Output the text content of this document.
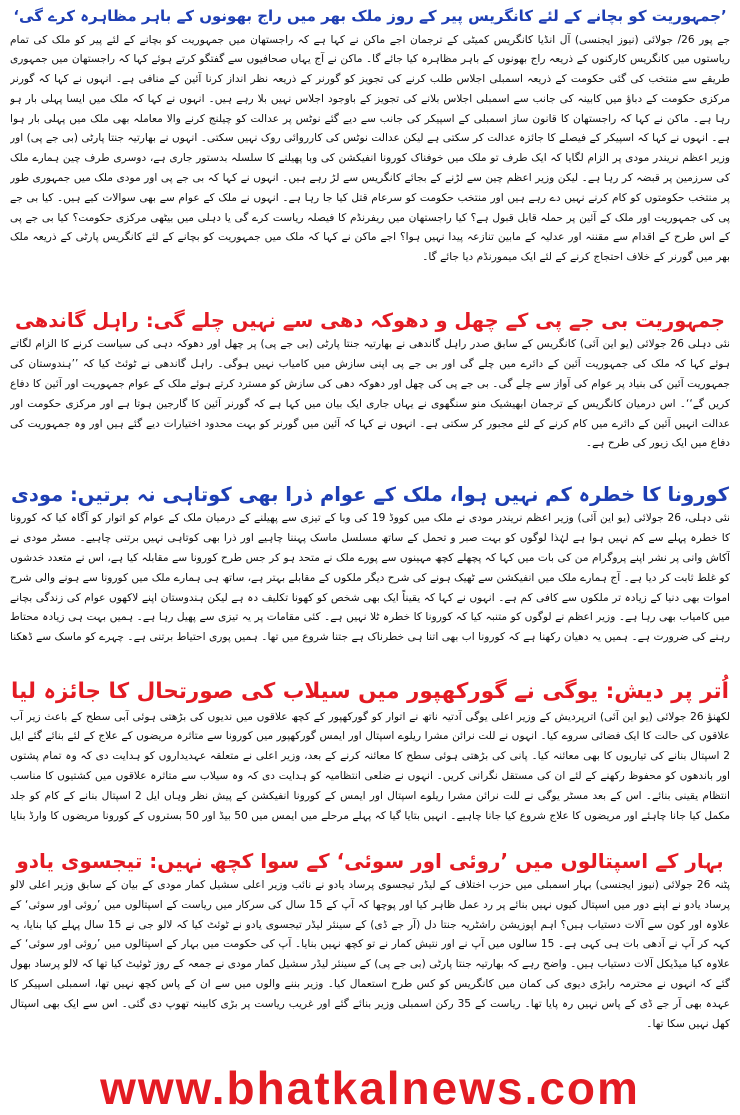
’جمہوریت کو بچانے کے لئے کانگریس پیر کے روز ملک بھر میں راج بھونوں کے باہر مظاہرہ کرے گی‘

جے پور 26/ جولائی (نیوز ایجنسی) آل انڈیا کانگریس کمیٹی کے ترجمان اجے ماکن نے کہا ہے کہ راجستھان میں جمہوریت کو بچانے کے لئے پیر کو ملک کی تمام ریاستوں میں کانگریس کارکنوں کے ذریعہ راج بھونوں کے باہر مظاہرہ کیا جائے گا۔ ماکن نے آج یہاں صحافیوں سے گفتگو کرتے ہوئے کہا کہ راجستھان میں جمہوری طریقے سے منتخب کی گئی حکومت کے ذریعہ اسمبلی اجلاس طلب کرنے کی تجویز کو گورنر کے ذریعہ نظر انداز کرنا آئین کے منافی ہے۔ انہوں نے کہا کہ گورنر مرکزی حکومت کے دباؤ میں کابینہ کی جانب سے اسمبلی اجلاس بلانے کی تجویز کے باوجود اجلاس نہیں بلا رہے ہیں۔ انہوں نے کہا کہ ملک میں ایسا پہلی بار ہو رہا ہے۔ ماکن نے کہا کہ راجستھان کا قانون ساز اسمبلی کے اسپیکر کی جانب سے دیے گئے نوٹس پر عدالت کو چیلنج کرنے والا معاملہ بھی ملک میں پہلی بار ہوا ہے۔ انہوں نے کہا کہ اسپیکر کے فیصلے کا جائزہ عدالت کر سکتی ہے لیکن عدالت نوٹس کی کارروائی روک نہیں سکتی۔ انہوں نے بھارتیہ جنتا پارٹی (بی جے پی) اور وزیر اعظم نریندر مودی پر الزام لگایا کہ ایک طرف تو ملک میں خوفناک کورونا انفیکشن کی وبا پھیلنے کا سلسلہ بدستور جاری ہے، دوسری طرف چین ہمارے ملک کی سرزمین پر قبضہ کر رہا ہے۔ لیکن وزیر اعظم چین سے لڑنے کے بجائے کانگریس سے لڑ رہے ہیں۔ انہوں نے کہا کہ بی جے پی اور مودی ملک میں جمہوری طور پر منتخب حکومتوں کو کام کرنے نہیں دے رہے ہیں اور منتخب حکومت کو سرعام قتل کیا جا رہا ہے۔ انہوں نے ملک کے عوام سے بھی سوالات کیے ہیں۔ کیا بی جے پی کی جمہوریت اور ملک کے آئین پر حملہ قابل قبول ہے؟ کیا راجستھان میں ریفرنڈم کا فیصلہ ریاست کرے گی یا دہلی میں بیٹھی مرکزی حکومت؟ کیا بی جے پی کے اس طرح کے اقدام سے مقننہ اور عدلیہ کے مابین تنازعہ پیدا نہیں ہوا؟ اجے ماکن نے کہا کہ ملک میں جمہوریت کو بچانے کے لئے کانگریس پارٹی کے ذریعہ ملک بھر میں گورنر کے خلاف احتجاج کرنے کے لئے ایک میمورنڈم دیا جائے گا۔

جمہوریت بی جے پی کے چھل و دھوکہ دھی سے نہیں چلے گی: راہل گاندھی

نئی دہلی 26 جولائی (یو این آئی) کانگریس کے سابق صدر راہل گاندھی نے بھارتیہ جنتا پارٹی (بی جے پی) پر چھل اور دھوکہ دہی کی سیاست کرنے کا الزام لگاتے ہوئے کہا کہ ملک کی جمہوریت آئین کے دائرے میں چلے گی اور بی جے پی اپنی سازش میں کامیاب نہیں ہوگی۔ راہل گاندھی نے ٹوئٹ کیا کہ ’’ہندوستان کی جمہوریت آئین کی بنیاد پر عوام کی آواز سے چلے گی۔ بی جے پی کی چھل اور دھوکہ دھی کی سازش کو مسترد کرتے ہوئے ملک کے عوام جمہوریت اور آئین کا دفاع کریں گے‘‘۔ اس درمیان کانگریس کے ترجمان ابھیشیک منو سنگھوی نے یہاں جاری ایک بیان میں کہا ہے کہ گورنر آئین کا گارجین ہوتا ہے اور مرکزی حکومت اور عدالت انہیں آئین کے دائرے میں کام کرنے کے لئے مجبور کر سکتی ہے۔ انہوں نے کہا کہ آئین میں گورنر کو بہت محدود اختیارات دیے گئے ہیں اور وہ جمہوریت کی دفاع میں ایک زیور کی طرح ہے۔

کورونا کا خطرہ کم نہیں ہوا، ملک کے عوام ذرا بھی کوتاہی نہ برتیں: مودی

نئی دہلی، 26 جولائی (یو این آئی) وزیر اعظم نریندر مودی نے ملک میں کووڈ 19 کی وبا کے تیزی سے پھیلنے کے درمیان ملک کے عوام کو اتوار کو آگاہ کیا کہ کورونا کا خطرہ پہلے سے کم نہیں ہوا ہے لہٰذا لوگوں کو بہت صبر و تحمل کے ساتھ مسلسل ماسک پہننا چاہیے اور ذرا بھی کوتاہی نہیں برتنی چاہیے۔ مسٹر مودی نے آکاش وانی پر نشر اپنے پروگرام من کی بات میں کہا کہ پچھلے کچھ مہینوں سے پورے ملک نے متحد ہو کر جس طرح کورونا سے مقابلہ کیا ہے، اس نے متعدد خدشوں کو غلط ثابت کر دیا ہے۔ آج ہمارے ملک میں انفیکشن سے ٹھیک ہونے کی شرح دیگر ملکوں کے مقابلے بہتر ہے، ساتھ ہی ہمارے ملک میں کورونا سے ہونے والی شرح اموات بھی دنیا کے زیادہ تر ملکوں سے کافی کم ہے۔ انہوں نے کہا کہ یقیناً ایک بھی شخص کو کھونا تکلیف دہ ہے لیکن ہندوستان اپنے لاکھوں عوام کی زندگی بچانے میں کامیاب بھی رہا ہے۔ وزیر اعظم نے لوگوں کو متنبہ کیا کہ کورونا کا خطرہ ٹلا نہیں ہے۔ کئی مقامات پر یہ تیزی سے پھیل رہا ہے۔ ہمیں بہت ہی زیادہ محتاط رہنے کی ضرورت ہے۔ ہمیں یہ دھیان رکھنا ہے کہ کورونا اب بھی اتنا ہی خطرناک ہے جتنا شروع میں تھا۔ ہمیں پوری احتیاط برتنی ہے۔ چہرے کو ماسک سے ڈھکنا

اُتر پر دیش: یوگی نے گورکھپور میں سیلاب کی صورتحال کا جائزہ لیا

لکھنؤ 26 جولائی (یو این آئی) اترپردیش کے وزیر اعلی یوگی آدتیہ ناتھ نے اتوار کو گورکھپور کے کچھ علاقوں میں ندیوں کی بڑھتی ہوئی آبی سطح کے باعث زیر آب علاقوں کی حالت کا ایک فضائی سروے کیا۔ انہوں نے للت نرائن مشرا ریلوے اسپتال اور ایمس گورکھپور میں کورونا سے متاثرہ مریضوں کے علاج کے لئے بنائے گئے ایل 2 اسپتال بنانے کی تیاریوں کا بھی معائنہ کیا۔ پانی کی بڑھتی ہوئی سطح کا معائنہ کرنے کے بعد، وزیر اعلی نے متعلقہ عہدیداروں کو ہدایت دی کہ وہ تمام پشتوں اور باندھوں کو محفوظ رکھنے کے لئے ان کی مستقل نگرانی کریں۔ انہوں نے ضلعی انتظامیہ کو ہدایت دی کہ وہ سیلاب سے متاثرہ علاقوں میں کشتیوں کا مناسب انتظام یقینی بنائے۔ اس کے بعد مسٹر یوگی نے للت نرائن مشرا ریلوے اسپتال اور ایمس کے کورونا انفیکشن کے پیش نظر وہاں ایل 2 اسپتال بنانے کے کام کو جلد مکمل کیا جانا چاہئے اور مریضوں کا علاج شروع کیا جانا چاہیے۔ انہیں بتایا گیا کہ پہلے مرحلے میں ایمس میں 50 بیڈ اور 50 بستروں کے کورونا مریضوں کا وارڈ بنایا

بہار کے اسپتالوں میں ’روئی اور سوئی‘ کے سوا کچھ نہیں: تیجسوی یادو

پٹنہ 26 جولائی (نیوز ایجنسی) بہار اسمبلی میں حزب اختلاف کے لیڈر تیجسوی پرساد یادو نے نائب وزیر اعلی سشیل کمار مودی کے بیان کے سابق وزیر اعلی لالو پرساد یادو نے اپنے دور میں اسپتال کیوں نہیں بنائے پر رد عمل ظاہر کیا اور پوچھا کہ آپ کے 15 سال کی سرکار میں ریاست کے اسپتالوں میں ’روئی اور سوئی‘ کے علاوہ اور کون سے آلات دستیاب ہیں؟ اہم اپوزیشن راشٹریہ جنتا دل (آر جے ڈی) کے سینئر لیڈر تیجسوی یادو نے ٹوئٹ کیا کہ لالو جی نے 15 سال پہلے کیا بنایا، یہ کہہ کر آپ نے آدھی بات ہی کہی ہے۔ 15 سالوں میں آپ نے اور نتیش کمار نے تو کچھ نہیں بنایا۔ آپ کی حکومت میں بہار کے اسپتالوں میں ’روئی اور سوئی‘ کے علاوہ کیا میڈیکل آلات دستیاب ہیں۔ واضح رہے کہ بھارتیہ جنتا پارٹی (بی جے پی) کے سینئر لیڈر سشیل کمار مودی نے جمعہ کے روز ٹوئیٹ کیا تھا کہ لالو پرساد بھول گئے کہ انہوں نے محترمہ رابڑی دیوی کی کمان میں کانگریس کو کس طرح استعمال کیا۔ وزیر بننے والوں میں سے ان کے پاس کچھ نہیں تھا، اسمبلی اسپیکر کا عہدہ بھی آر جے ڈی کے پاس نہیں رہ پایا تھا۔ ریاست کے 35 رکن اسمبلی وزیر بنائے گئے اور غریب ریاست پر بڑی کابینہ تھوپ دی گئی۔ اس سے ایک بھی اسپتال کھل نہیں سکا تھا۔

www.bhatkalnews.com
